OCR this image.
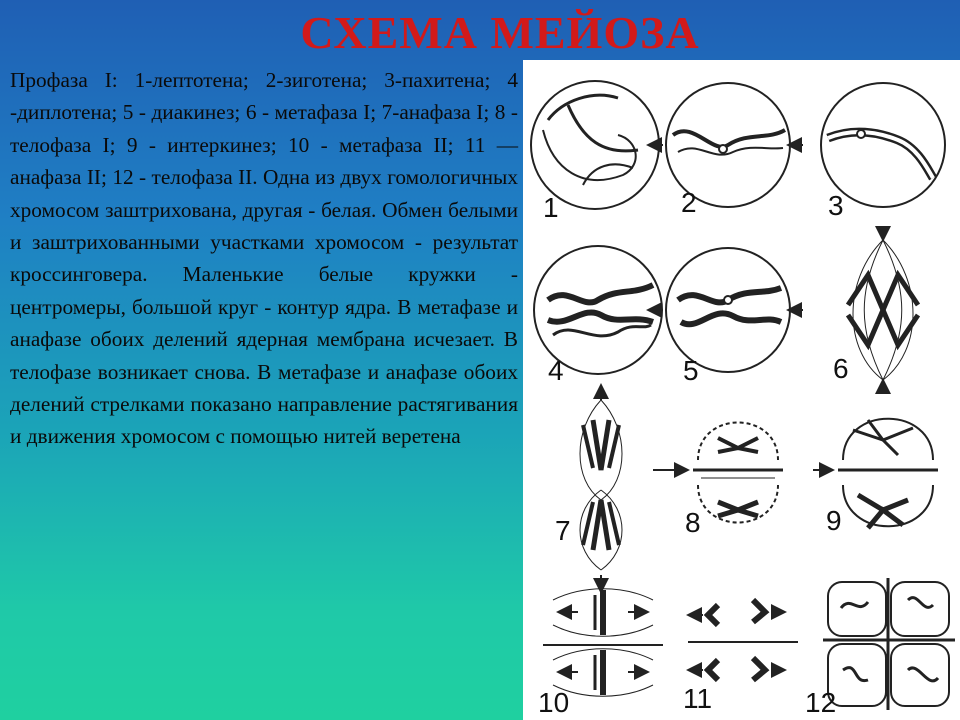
СХЕМА МЕЙОЗА
Профаза I: 1-лептотена; 2-зиготена; 3-пахитена; 4 -диплотена; 5 - диакинез; 6 - метафаза I; 7-анафаза I; 8 - телофаза I; 9 - интеркинез; 10 - метафаза II; 11 — анафаза II; 12 - телофаза II. Одна из двух гомологичных хромосом заштрихована, другая - белая. Обмен белыми и заштрихованными участками хромосом - результат кроссинговера. Маленькие белые кружки - центромеры, большой круг - контур ядра. В метафазе и анафазе обоих делений ядерная мембрана исчезает. В телофазе возникает снова. В метафазе и анафазе обоих делений стрелками показано направление растягивания и движения хромосом с помощью нитей веретена
1	2	3
4	5	6
7	8	9
10	11	12
